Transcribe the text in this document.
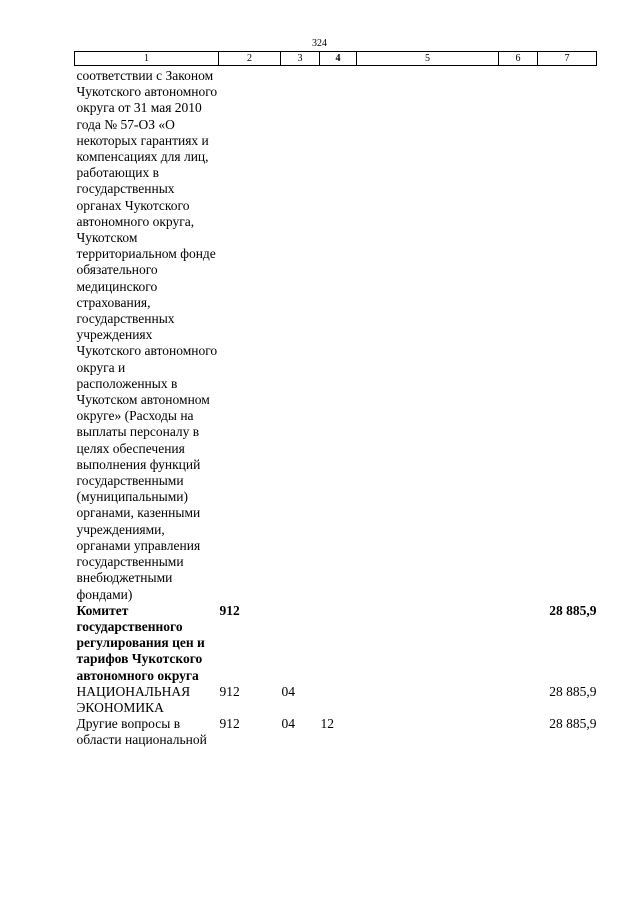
324
1	2	3	4	5	6	7
соответствии с Законом Чукотского автономного округа от 31 мая 2010 года № 57-ОЗ «О некоторых гарантиях и компенсациях для лиц, работающих в государственных органах Чукотского автономного округа, Чукотском территориальном фонде обязательного медицинского страхования, государственных учреждениях Чукотского автономного округа и расположенных в Чукотском автономном округе» (Расходы на выплаты персоналу в целях обеспечения выполнения функций государственными (муниципальными) органами, казенными учреждениями, органами управления государственными внебюджетными фондами)						
Комитет государственного регулирования цен и тарифов Чукотского автономного округа	912					28 885,9
НАЦИОНАЛЬНАЯ ЭКОНОМИКА	912	04				28 885,9
Другие вопросы в области национальной	912	04	12			28 885,9
